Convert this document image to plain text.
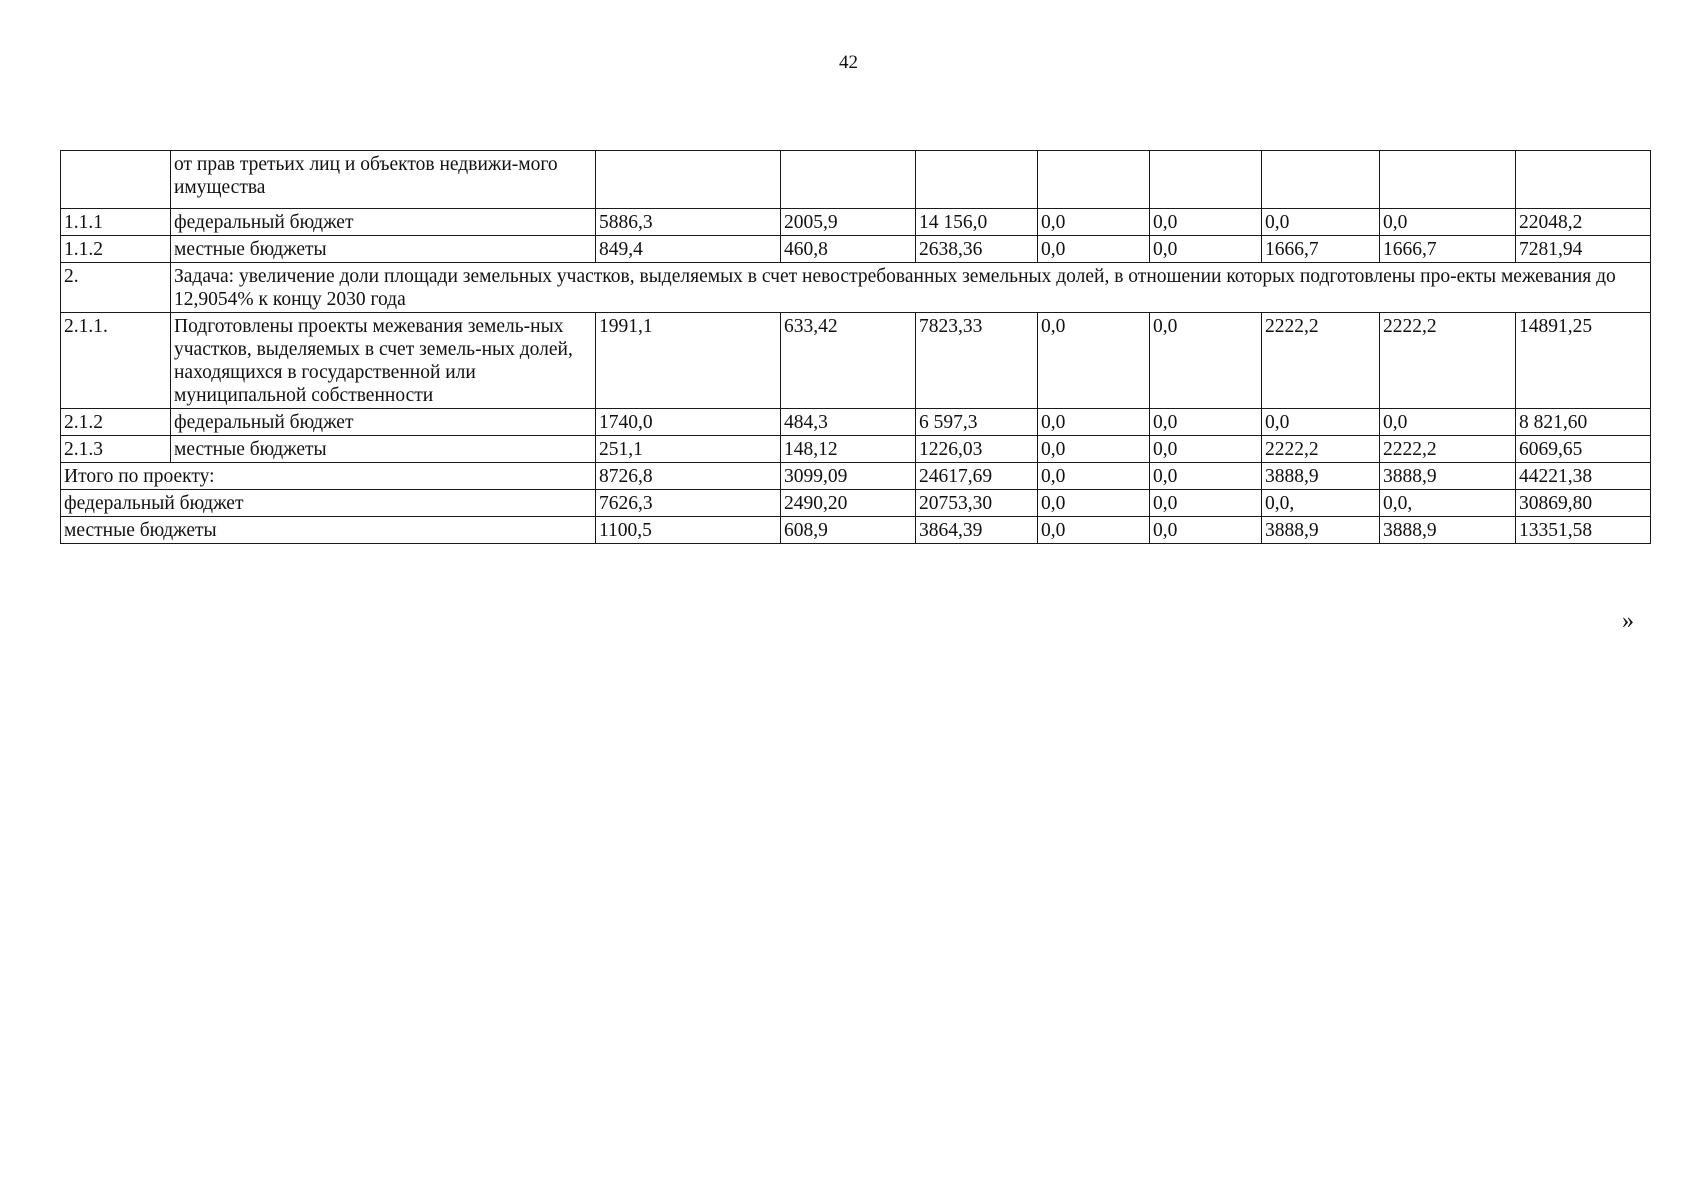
42
	от прав третьих лиц и объектов недвижи-мого имущества								
1.1.1	федеральный бюджет	5886,3	2005,9	14 156,0	0,0	0,0	0,0	0,0	22048,2
1.1.2	местные бюджеты	849,4	460,8	2638,36	0,0	0,0	1666,7	1666,7	7281,94
2.	Задача: увеличение доли площади земельных участков, выделяемых в счет невостребованных земельных долей, в отношении которых подготовлены про-екты межевания до 12,9054% к концу 2030 года								
2.1.1.	Подготовлены проекты межевания земель-ных участков, выделяемых в счет земель-ных долей, находящихся в государственной или муниципальной собственности	1991,1	633,42	7823,33	0,0	0,0	2222,2	2222,2	14891,25
2.1.2	федеральный бюджет	1740,0	484,3	6 597,3	0,0	0,0	0,0	0,0	8 821,60
2.1.3	местные бюджеты	251,1	148,12	1226,03	0,0	0,0	2222,2	2222,2	6069,65
Итого по проекту:		8726,8	3099,09	24617,69	0,0	0,0	3888,9	3888,9	44221,38
федеральный бюджет		7626,3	2490,20	20753,30	0,0	0,0	0,0,	0,0,	30869,80
местные бюджеты		1100,5	608,9	3864,39	0,0	0,0	3888,9	3888,9	13351,58
»
